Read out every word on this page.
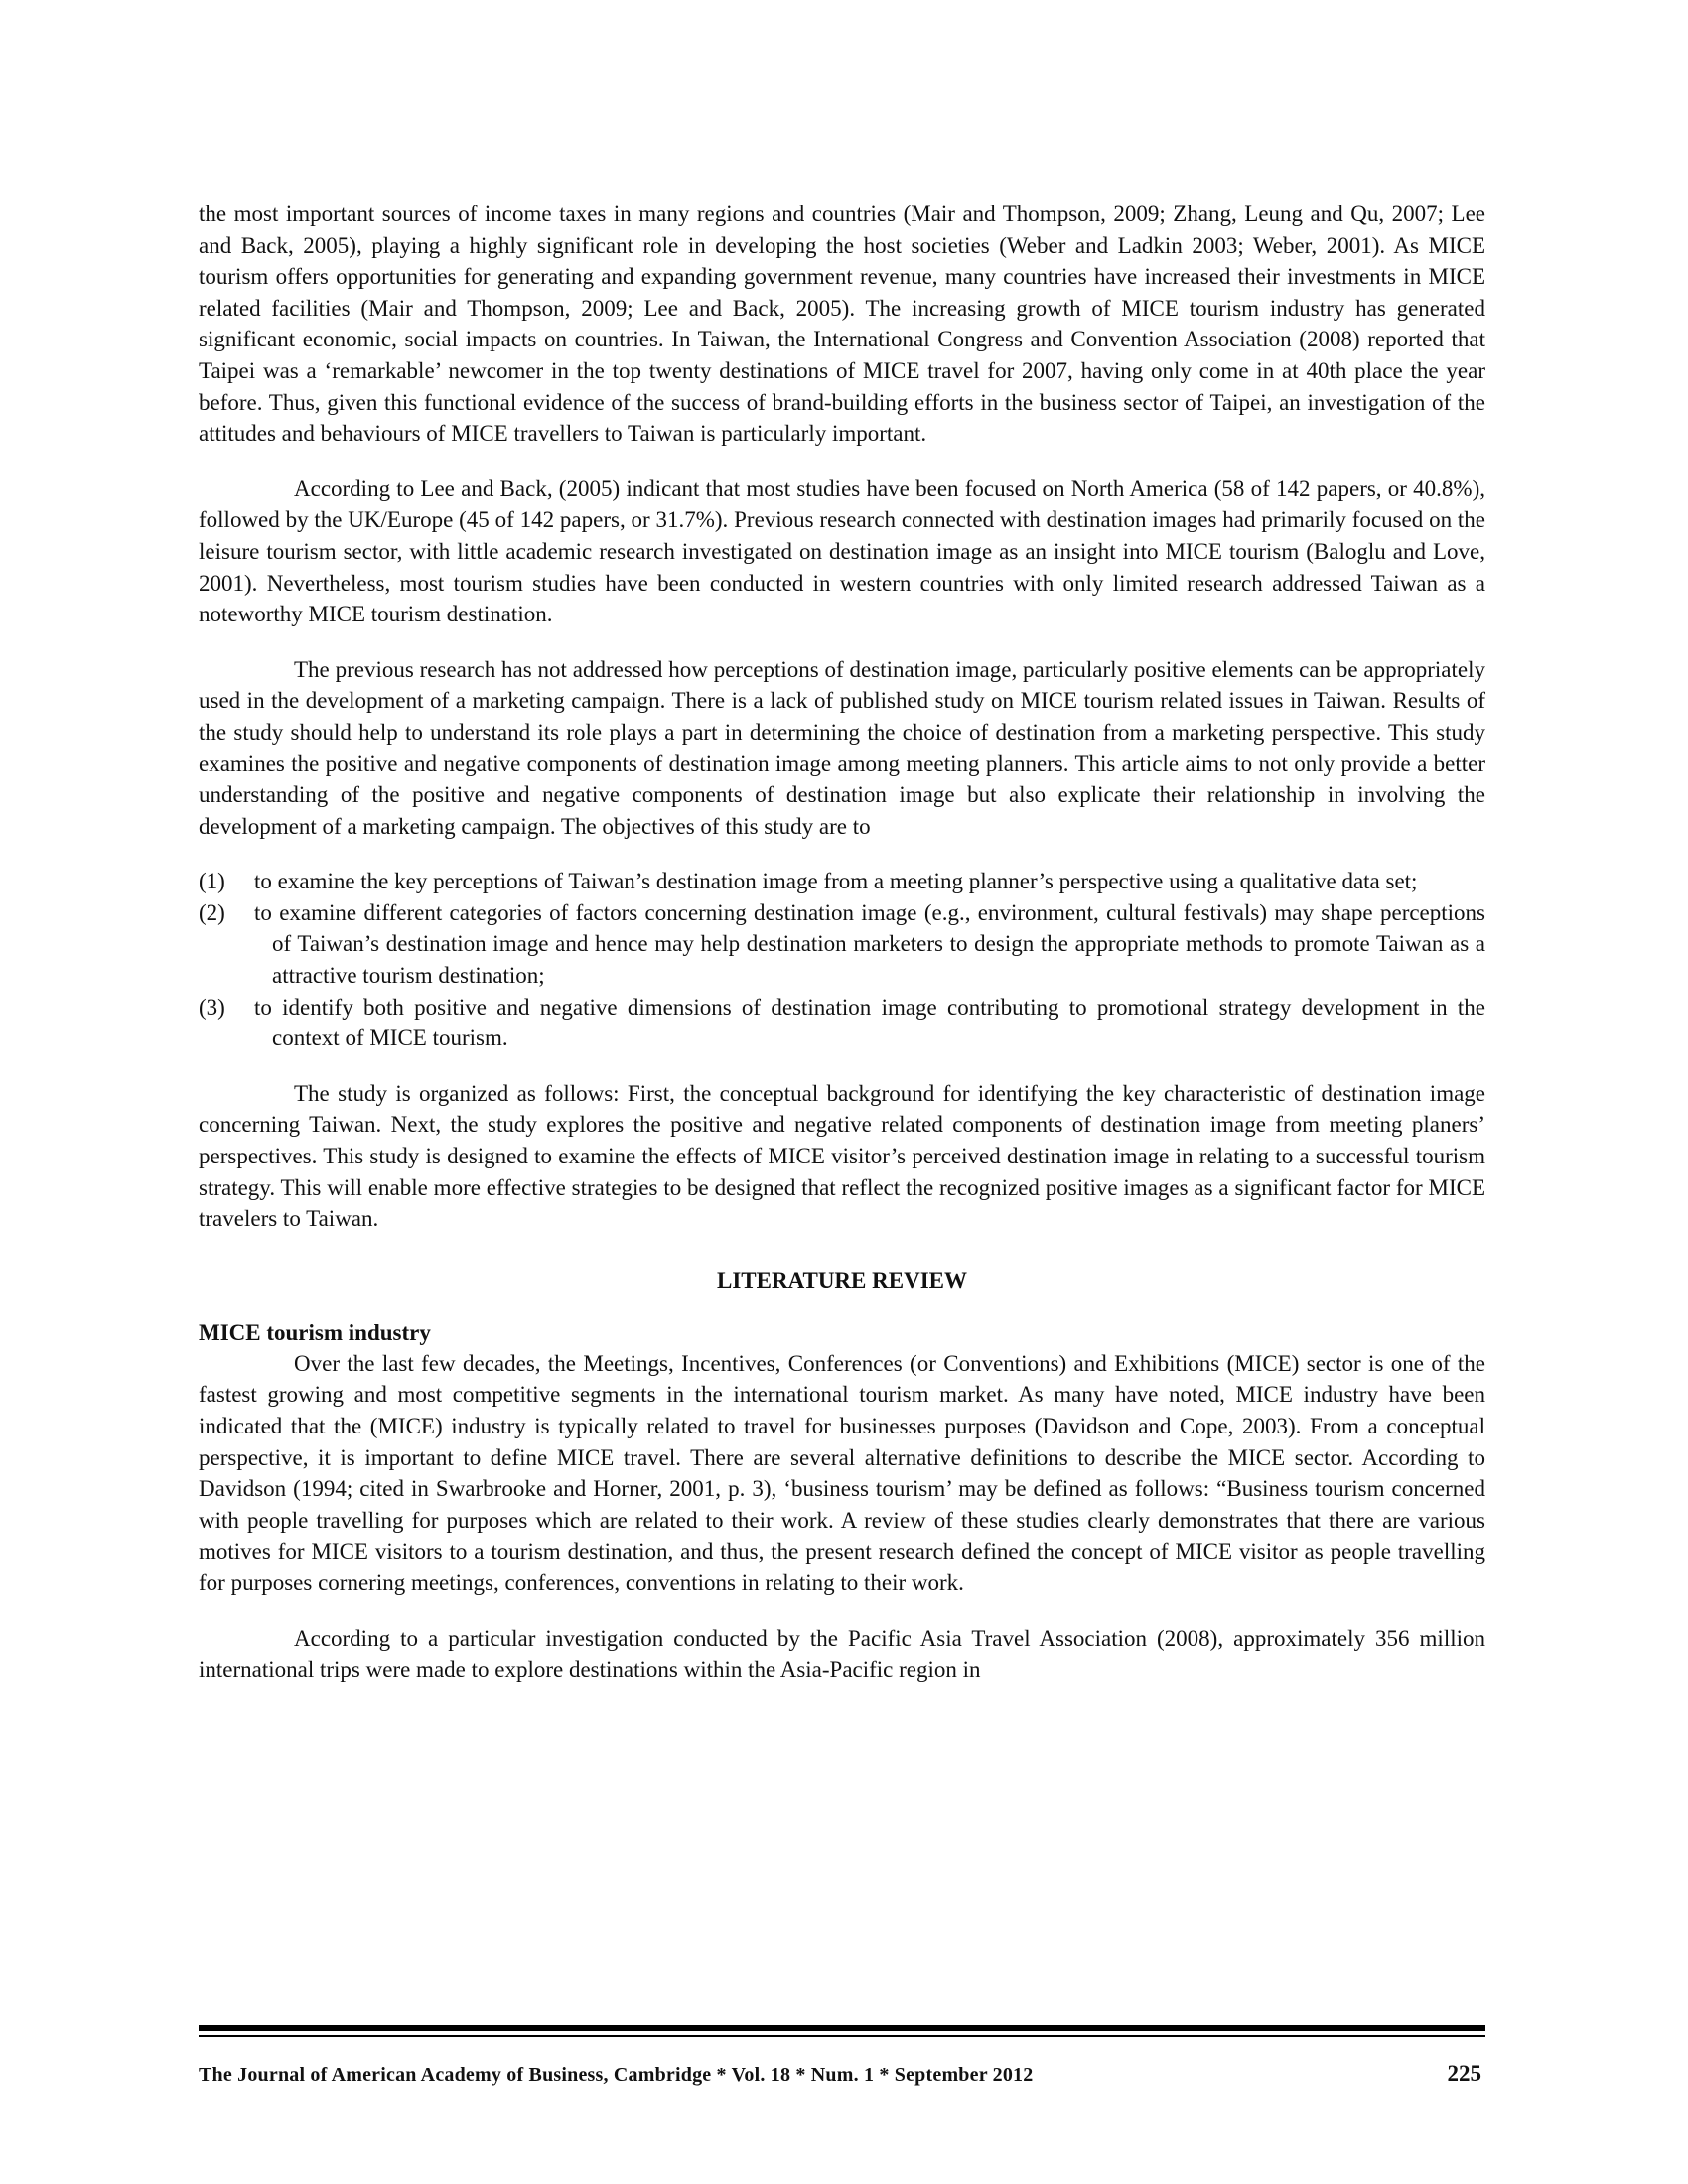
the most important sources of income taxes in many regions and countries (Mair and Thompson, 2009; Zhang, Leung and Qu, 2007; Lee and Back, 2005), playing a highly significant role in developing the host societies (Weber and Ladkin 2003; Weber, 2001). As MICE tourism offers opportunities for generating and expanding government revenue, many countries have increased their investments in MICE related facilities (Mair and Thompson, 2009; Lee and Back, 2005). The increasing growth of MICE tourism industry has generated significant economic, social impacts on countries. In Taiwan, the International Congress and Convention Association (2008) reported that Taipei was a ‘remarkable’ newcomer in the top twenty destinations of MICE travel for 2007, having only come in at 40th place the year before. Thus, given this functional evidence of the success of brand-building efforts in the business sector of Taipei, an investigation of the attitudes and behaviours of MICE travellers to Taiwan is particularly important.

According to Lee and Back, (2005) indicant that most studies have been focused on North America (58 of 142 papers, or 40.8%), followed by the UK/Europe (45 of 142 papers, or 31.7%). Previous research connected with destination images had primarily focused on the leisure tourism sector, with little academic research investigated on destination image as an insight into MICE tourism (Baloglu and Love, 2001). Nevertheless, most tourism studies have been conducted in western countries with only limited research addressed Taiwan as a noteworthy MICE tourism destination.

The previous research has not addressed how perceptions of destination image, particularly positive elements can be appropriately used in the development of a marketing campaign. There is a lack of published study on MICE tourism related issues in Taiwan. Results of the study should help to understand its role plays a part in determining the choice of destination from a marketing perspective. This study examines the positive and negative components of destination image among meeting planners. This article aims to not only provide a better understanding of the positive and negative components of destination image but also explicate their relationship in involving the development of a marketing campaign. The objectives of this study are to

(1) to examine the key perceptions of Taiwan’s destination image from a meeting planner’s perspective using a qualitative data set;
(2) to examine different categories of factors concerning destination image (e.g., environment, cultural festivals) may shape perceptions of Taiwan’s destination image and hence may help destination marketers to design the appropriate methods to promote Taiwan as a attractive tourism destination;
(3) to identify both positive and negative dimensions of destination image contributing to promotional strategy development in the context of MICE tourism.

The study is organized as follows: First, the conceptual background for identifying the key characteristic of destination image concerning Taiwan. Next, the study explores the positive and negative related components of destination image from meeting planers’ perspectives. This study is designed to examine the effects of MICE visitor’s perceived destination image in relating to a successful tourism strategy. This will enable more effective strategies to be designed that reflect the recognized positive images as a significant factor for MICE travelers to Taiwan.

LITERATURE REVIEW
MICE tourism industry

Over the last few decades, the Meetings, Incentives, Conferences (or Conventions) and Exhibitions (MICE) sector is one of the fastest growing and most competitive segments in the international tourism market. As many have noted, MICE industry have been indicated that the (MICE) industry is typically related to travel for businesses purposes (Davidson and Cope, 2003). From a conceptual perspective, it is important to define MICE travel. There are several alternative definitions to describe the MICE sector. According to Davidson (1994; cited in Swarbrooke and Horner, 2001, p. 3), ‘business tourism’ may be defined as follows: “Business tourism concerned with people travelling for purposes which are related to their work. A review of these studies clearly demonstrates that there are various motives for MICE visitors to a tourism destination, and thus, the present research defined the concept of MICE visitor as people travelling for purposes cornering meetings, conferences, conventions in relating to their work.

According to a particular investigation conducted by the Pacific Asia Travel Association (2008), approximately 356 million international trips were made to explore destinations within the Asia-Pacific region in

The Journal of American Academy of Business, Cambridge * Vol. 18 * Num. 1 * September 2012	225
